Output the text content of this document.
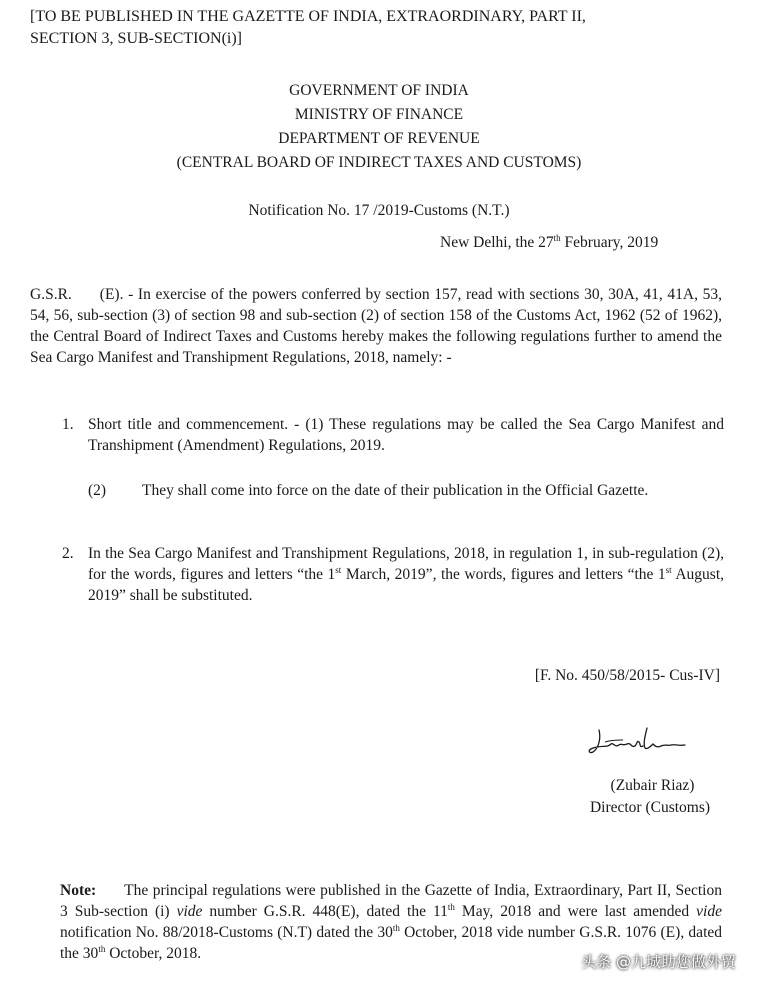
[TO BE PUBLISHED IN THE GAZETTE OF INDIA, EXTRAORDINARY, PART II,
SECTION 3, SUB-SECTION(i)]
GOVERNMENT OF INDIA
MINISTRY OF FINANCE
DEPARTMENT OF REVENUE
(CENTRAL BOARD OF INDIRECT TAXES AND CUSTOMS)
Notification No. 17 /2019-Customs (N.T.)
New Delhi, the 27th February, 2019
G.S.R. (E). - In exercise of the powers conferred by section 157, read with sections 30, 30A, 41, 41A, 53, 54, 56, sub-section (3) of section 98 and sub-section (2) of section 158 of the Customs Act, 1962 (52 of 1962), the Central Board of Indirect Taxes and Customs hereby makes the following regulations further to amend the Sea Cargo Manifest and Transhipment Regulations, 2018, namely: -
1. Short title and commencement. - (1) These regulations may be called the Sea Cargo Manifest and Transhipment (Amendment) Regulations, 2019.
(2)	They shall come into force on the date of their publication in the Official Gazette.
2. In the Sea Cargo Manifest and Transhipment Regulations, 2018, in regulation 1, in sub-regulation (2), for the words, figures and letters “the 1st March, 2019”, the words, figures and letters “the 1st August, 2019” shall be substituted.
[F. No. 450/58/2015- Cus-IV]
(Zubair Riaz)
Director (Customs)
Note: The principal regulations were published in the Gazette of India, Extraordinary, Part II, Section 3 Sub-section (i) vide number G.S.R. 448(E), dated the 11th May, 2018 and were last amended vide notification No. 88/2018-Customs (N.T) dated the 30th October, 2018 vide number G.S.R. 1076 (E), dated the 30th October, 2018.	头条 @九城助您做外贸
